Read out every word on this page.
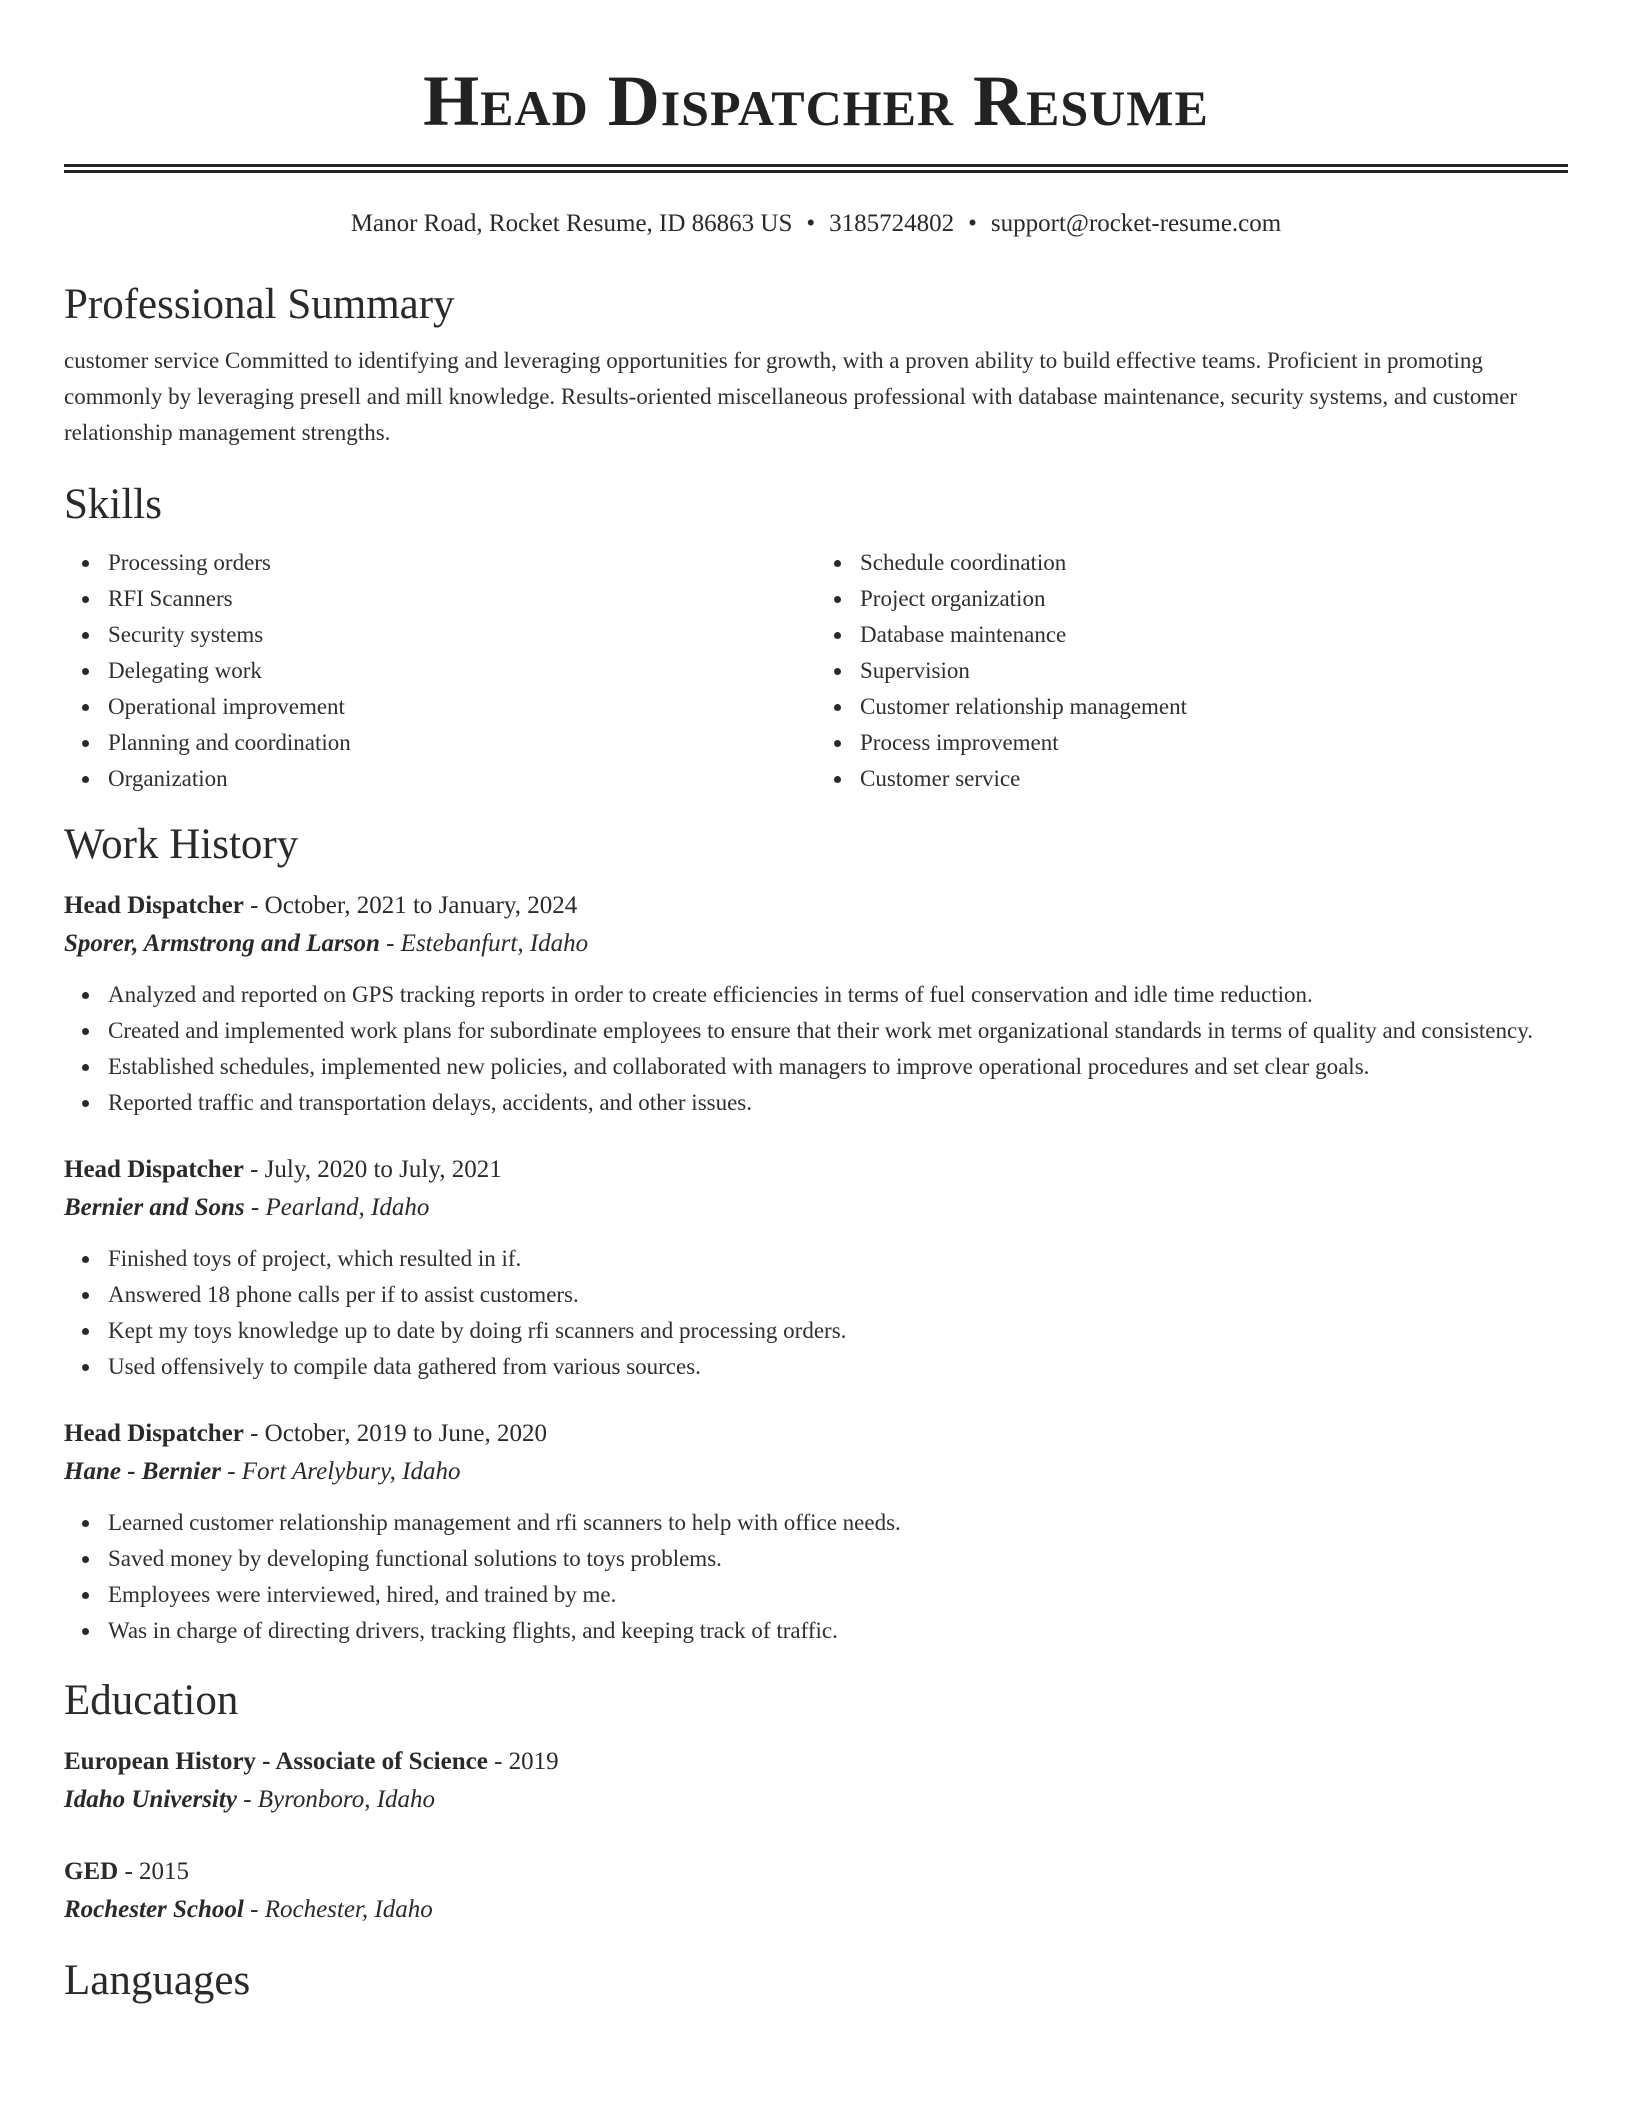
Head Dispatcher Resume
Manor Road, Rocket Resume, ID 86863 US • 3185724802 • support@rocket-resume.com
Professional Summary

customer service Committed to identifying and leveraging opportunities for growth, with a proven ability to build effective teams. Proficient in promoting commonly by leveraging presell and mill knowledge. Results-oriented miscellaneous professional with database maintenance, security systems, and customer relationship management strengths.

Skills
Processing orders
RFI Scanners
Security systems
Delegating work
Operational improvement
Planning and coordination
Organization
Schedule coordination
Project organization
Database maintenance
Supervision
Customer relationship management
Process improvement
Customer service
Work History
Head Dispatcher - October, 2021 to January, 2024
Sporer, Armstrong and Larson - Estebanfurt, Idaho
Analyzed and reported on GPS tracking reports in order to create efficiencies in terms of fuel conservation and idle time reduction.
Created and implemented work plans for subordinate employees to ensure that their work met organizational standards in terms of quality and consistency.
Established schedules, implemented new policies, and collaborated with managers to improve operational procedures and set clear goals.
Reported traffic and transportation delays, accidents, and other issues.
Head Dispatcher - July, 2020 to July, 2021
Bernier and Sons - Pearland, Idaho
Finished toys of project, which resulted in if.
Answered 18 phone calls per if to assist customers.
Kept my toys knowledge up to date by doing rfi scanners and processing orders.
Used offensively to compile data gathered from various sources.
Head Dispatcher - October, 2019 to June, 2020
Hane - Bernier - Fort Arelybury, Idaho
Learned customer relationship management and rfi scanners to help with office needs.
Saved money by developing functional solutions to toys problems.
Employees were interviewed, hired, and trained by me.
Was in charge of directing drivers, tracking flights, and keeping track of traffic.
Education
European History - Associate of Science - 2019
Idaho University - Byronboro, Idaho
GED - 2015
Rochester School - Rochester, Idaho
Languages
